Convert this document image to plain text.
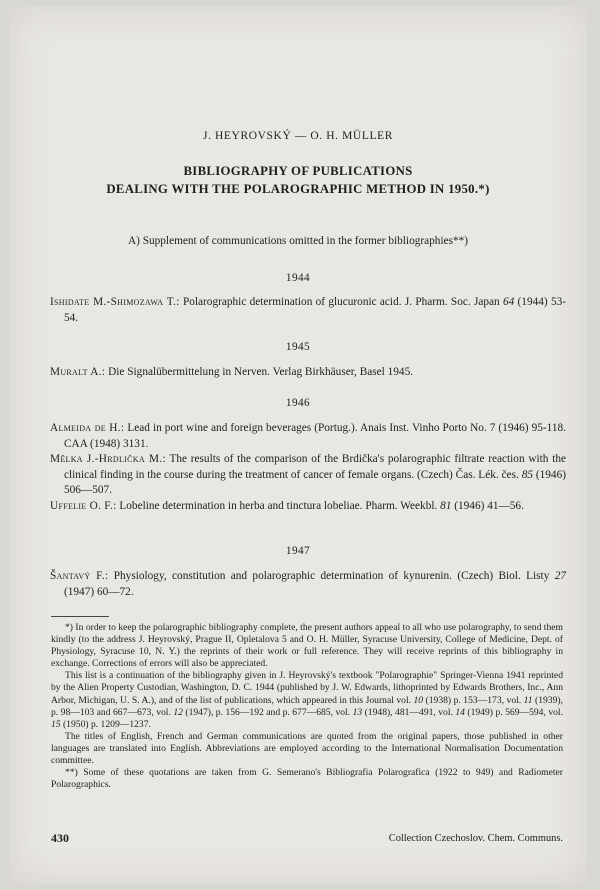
J. HEYROVSKÝ — O. H. MÜLLER
BIBLIOGRAPHY OF PUBLICATIONS
DEALING WITH THE POLAROGRAPHIC METHOD IN 1950.*)
A) Supplement of communications omitted in the former bibliographies**)
1944
Ishidate M.-Shimozawa T.: Polarographic determination of glucuronic acid. J. Pharm. Soc. Japan 64 (1944) 53-54.
1945
Muralt A.: Die Signalübermittelung in Nerven. Verlag Birkhäuser, Basel 1945.
1946
Almeida de H.: Lead in port wine and foreign beverages (Portug.). Anais Inst. Vinho Porto No. 7 (1946) 95-118. CAA (1948) 3131.
Mělka J.-Hrdlička M.: The results of the comparison of the Brdička's polarographic filtrate reaction with the clinical finding in the course during the treatment of cancer of female organs. (Czech) Čas. Lék. čes. 85 (1946) 506—507.
Uffelie O. F.: Lobeline determination in herba and tinctura lobeliae. Pharm. Weekbl. 81 (1946) 41—56.
1947
Šantavý F.: Physiology, constitution and polarographic determination of kynurenin. (Czech) Biol. Listy 27 (1947) 60—72.

*) In order to keep the polarographic bibliography complete, the present authors appeal to all who use polarography, to send them kindly (to the address J. Heyrovský, Prague II, Opletalova 5 and O. H. Müller, Syracuse University, College of Medicine, Dept. of Physiology, Syracuse 10, N. Y.) the reprints of their work or full reference. They will receive reprints of this bibliography in exchange. Corrections of errors will also be appreciated.

This list is a continuation of the bibliography given in J. Heyrovský's textbook "Polarographie" Springer-Vienna 1941 reprinted by the Alien Property Custodian, Washington, D. C. 1944 (published by J. W. Edwards, lithoprinted by Edwards Brothers, Inc., Ann Arbor, Michigan, U. S. A.), and of the list of publications, which appeared in this Journal vol. 10 (1938) p. 153—173, vol. 11 (1939), p. 98—103 and 667—673, vol. 12 (1947), p. 156—192 and p. 677—685, vol. 13 (1948), 481—491, vol. 14 (1949) p. 569—594, vol. 15 (1950) p. 1209—1237.

The titles of English, French and German communications are quoted from the original papers, those published in other languages are translated into English. Abbreviations are employed according to the International Normalisation Documentation committee.

**) Some of these quotations are taken from G. Semerano's Bibliografia Polarografica (1922 to 949) and Radiometer Polarographics.

430	Collection Czechoslov. Chem. Communs.
